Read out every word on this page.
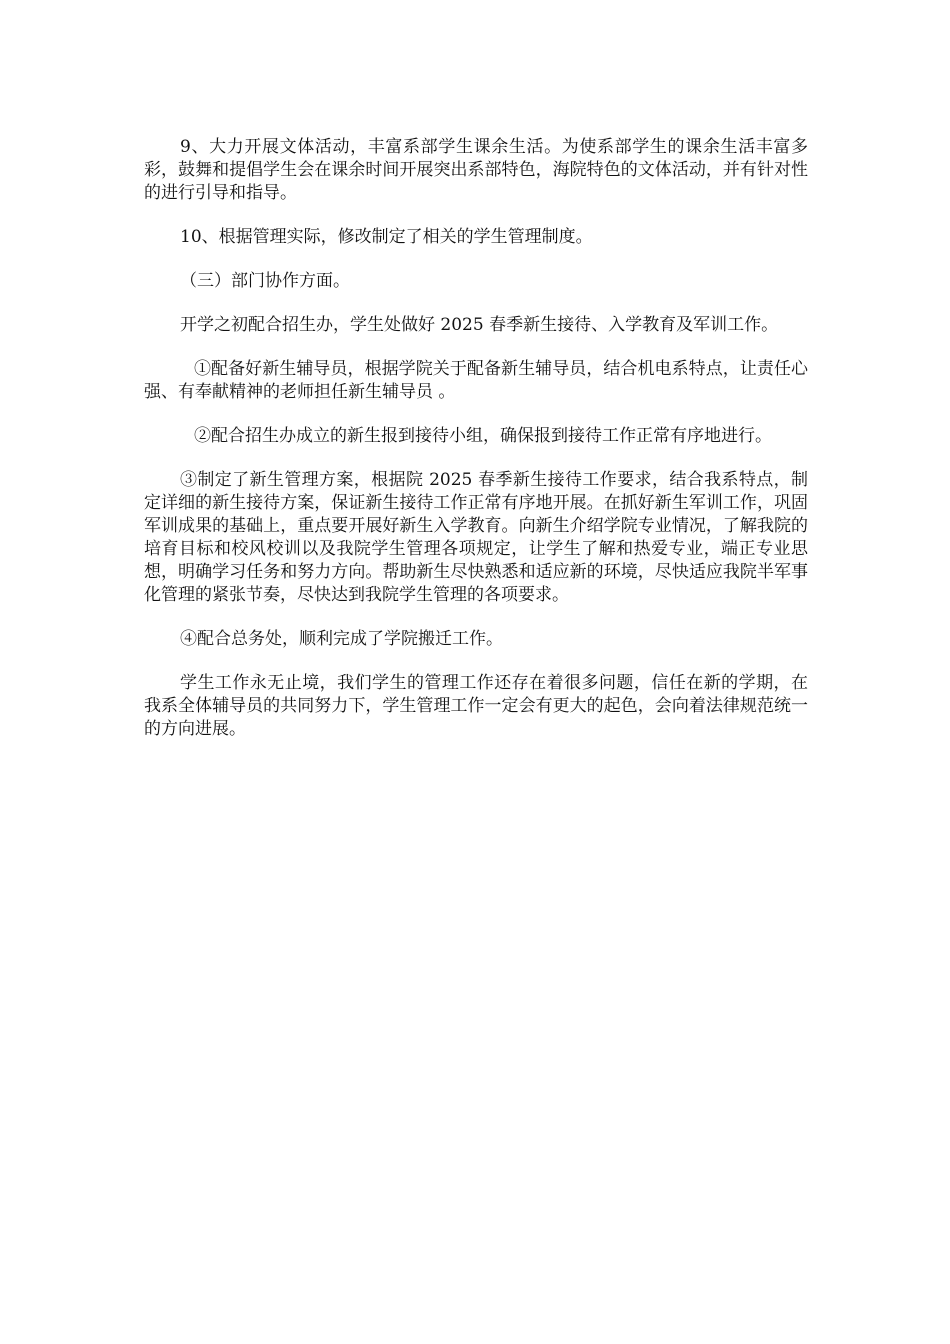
9、大力开展文体活动，丰富系部学生课余生活。为使系部学生的课余生活丰富多彩，鼓舞和提倡学生会在课余时间开展突出系部特色，海院特色的文体活动，并有针对性的进行引导和指导。

10、根据管理实际，修改制定了相关的学生管理制度。

（三）部门协作方面。

开学之初配合招生办，学生处做好 2025 春季新生接待、入学教育及军训工作。

①配备好新生辅导员，根据学院关于配备新生辅导员，结合机电系特点，让责任心强、有奉献精神的老师担任新生辅导员 。

②配合招生办成立的新生报到接待小组，确保报到接待工作正常有序地进行。

③制定了新生管理方案，根据院 2025 春季新生接待工作要求，结合我系特点，制定详细的新生接待方案，保证新生接待工作正常有序地开展。在抓好新生军训工作，巩固军训成果的基础上，重点要开展好新生入学教育。向新生介绍学院专业情况，了解我院的培育目标和校风校训以及我院学生管理各项规定，让学生了解和热爱专业，端正专业思想，明确学习任务和努力方向。帮助新生尽快熟悉和适应新的环境，尽快适应我院半军事化管理的紧张节奏，尽快达到我院学生管理的各项要求。

④配合总务处，顺利完成了学院搬迁工作。

学生工作永无止境，我们学生的管理工作还存在着很多问题，信任在新的学期，在我系全体辅导员的共同努力下，学生管理工作一定会有更大的起色，会向着法律规范统一的方向进展。
